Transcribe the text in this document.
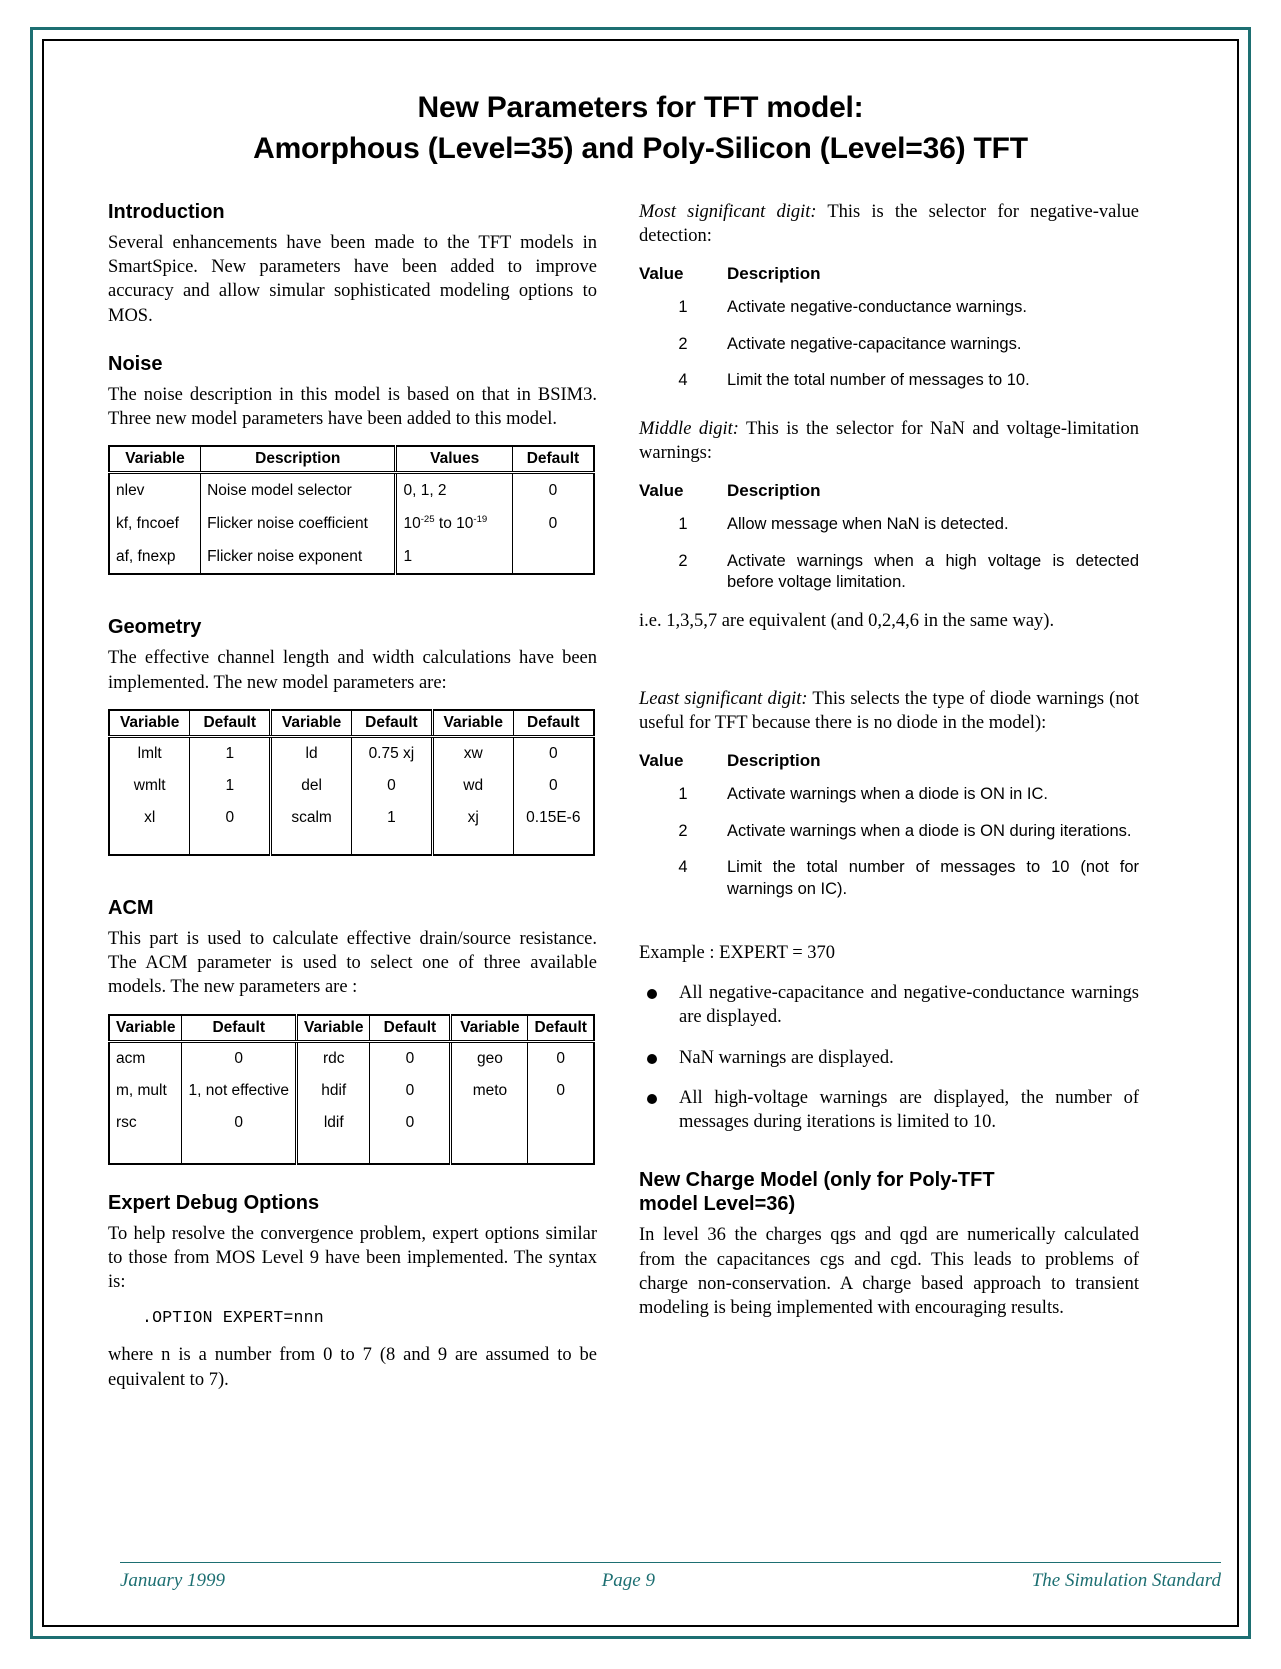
New Parameters for TFT model:
Amorphous (Level=35) and Poly-Silicon (Level=36) TFT
Introduction

Several enhancements have been made to the TFT models in SmartSpice. New parameters have been added to improve accuracy and allow simular sophisticated modeling options to MOS.

Noise

The noise description in this model is based on that in BSIM3. Three new model parameters have been added to this model.

Variable	Description	Values	Default
nlev	Noise model selector	0, 1, 2	0
kf, fncoef	Flicker noise coefficient	$10^{-25}$ to $10^{-19}$	0
af, fnexp	Flicker noise exponent	1	
Geometry

The effective channel length and width calculations have been implemented. The new model parameters are:

Variable	Default	Variable	Default	Variable	Default
lmlt	1	ld	0.75 xj	xw	0
wmlt	1	del	0	wd	0
xl	0	scalm	1	xj	0.15E-6

ACM

This part is used to calculate effective drain/source resistance. The ACM parameter is used to select one of three available models. The new parameters are :

Variable	Default	Variable	Default	Variable	Default
acm	0	rdc	0	geo	0
m, mult	1, not effective	hdif	0	meto	0
rsc	0	ldif	0		

Expert Debug Options

To help resolve the convergence problem, expert options similar to those from MOS Level 9 have been implemented. The syntax is:

.OPTION EXPERT=nnn

where n is a number from 0 to 7 (8 and 9 are assumed to be equivalent to 7).

Most significant digit: This is the selector for negative-value detection:

Value	Description
1	Activate negative-conductance warnings.
2	Activate negative-capacitance warnings.
4	Limit the total number of messages to 10.

Middle digit: This is the selector for NaN and voltage-limitation warnings:

Value	Description
1	Allow message when NaN is detected.
2	Activate warnings when a high voltage is detected before voltage limitation.

i.e. 1,3,5,7 are equivalent (and 0,2,4,6 in the same way).

Least significant digit: This selects the type of diode warnings (not useful for TFT because there is no diode in the model):

Value	Description
1	Activate warnings when a diode is ON in IC.
2	Activate warnings when a diode is ON during iterations.
4	Limit the total number of messages to 10 (not for warnings on IC).

Example : EXPERT = 370

All negative-capacitance and negative-conductance warnings are displayed.
NaN warnings are displayed.
All high-voltage warnings are displayed, the number of messages during iterations is limited to 10.
New Charge Model (only for Poly-TFT
model Level=36)

In level 36 the charges qgs and qgd are numerically calculated from the capacitances cgs and cgd. This leads to problems of charge non-conservation. A charge based approach to transient modeling is being implemented with encouraging results.

January 1999	Page 9	The Simulation Standard
